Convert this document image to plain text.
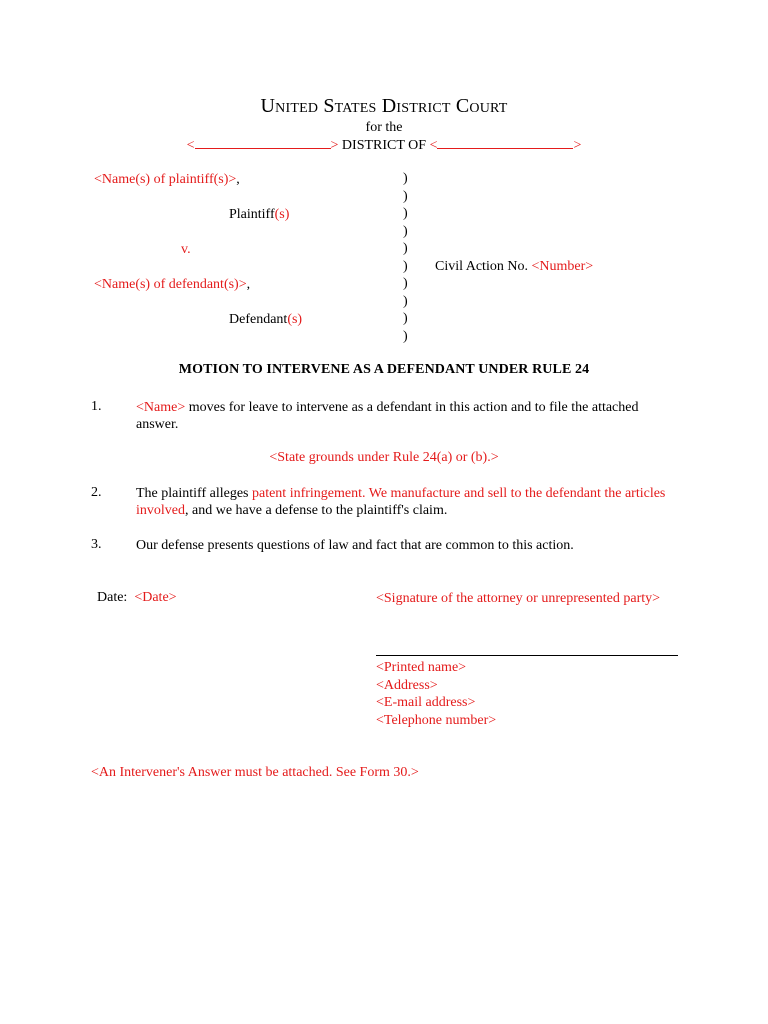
United States District Court
for the
<	> DISTRICT OF <	>
<Name(s) of plaintiff(s)>,
Plaintiff(s)
v.
<Name(s) of defendant(s)>,
Defendant(s)
)
)
)
)
)
)
)
)
)
)
Civil Action No. <Number>
MOTION TO INTERVENE AS A DEFENDANT UNDER RULE 24
1. <Name> moves for leave to intervene as a defendant in this action and to file the attached answer.
<State grounds under Rule 24(a) or (b).>
2. The plaintiff alleges patent infringement. We manufacture and sell to the defendant the articles involved, and we have a defense to the plaintiff's claim.
3. Our defense presents questions of law and fact that are common to this action.
Date: <Date>	<Signature of the attorney or unrepresented party>
<Printed name>
<Address>
<E-mail address>
<Telephone number>
<An Intervener's Answer must be attached. See Form 30.>
